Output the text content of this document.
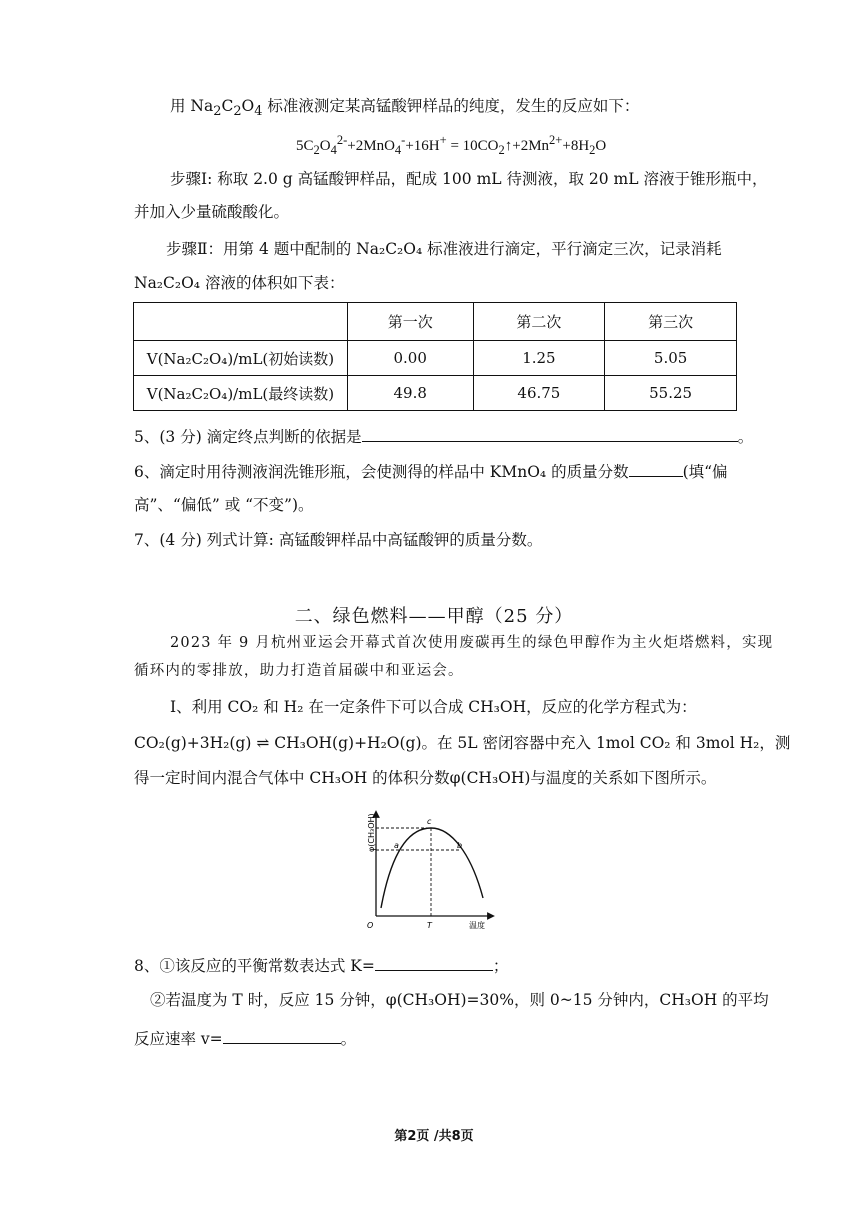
用 $Na_2C_2O_4$ 标准液测定某高锰酸钾样品的纯度，发生的反应如下：
$5C_2O_4^{2-}+2MnO_4^-+16H^+$ = $10CO_2↑+2Mn^{2+}+8H_2O$
步骤Ⅰ: 称取 2.0 g 高锰酸钾样品，配成 100 mL 待测液，取 20 mL 溶液于锥形瓶中，
并加入少量硫酸酸化。
步骤Ⅱ：用第 4 题中配制的 Na₂C₂O₄ 标准液进行滴定，平行滴定三次，记录消耗
Na₂C₂O₄ 溶液的体积如下表：
	第一次	第二次	第三次
V(Na₂C₂O₄)/mL(初始读数)	0.00	1.25	5.05
V(Na₂C₂O₄)/mL(最终读数)	49.8	46.75	55.25
5、(3 分) 滴定终点判断的依据是	。
6、滴定时用待测液润洗锥形瓶，会使测得的样品中 KMnO₄ 的质量分数	(填“偏
高”、“偏低” 或 “不变”)。
7、(4 分) 列式计算: 高锰酸钾样品中高锰酸钾的质量分数。
二、绿色燃料——甲醇（25 分）
2023 年 9 月杭州亚运会开幕式首次使用废碳再生的绿色甲醇作为主火炬塔燃料，实现
循环内的零排放，助力打造首届碳中和亚运会。
Ⅰ、利用 CO₂ 和 H₂ 在一定条件下可以合成 CH₃OH，反应的化学方程式为：
CO₂(g)+3H₂(g) ⇌ CH₃OH(g)+H₂O(g)。在 5L 密闭容器中充入 1mol CO₂ 和 3mol H₂，测
得一定时间内混合气体中 CH₃OH 的体积分数φ(CH₃OH)与温度的关系如下图所示。
φ(CH₃OH)
O	T	温度
a	b
c
8、①该反应的平衡常数表达式 K=	；
②若温度为 T 时，反应 15 分钟，φ(CH₃OH)=30%，则 0~15 分钟内，CH₃OH 的平均
反应速率 v=	。
第2页 /共8页
